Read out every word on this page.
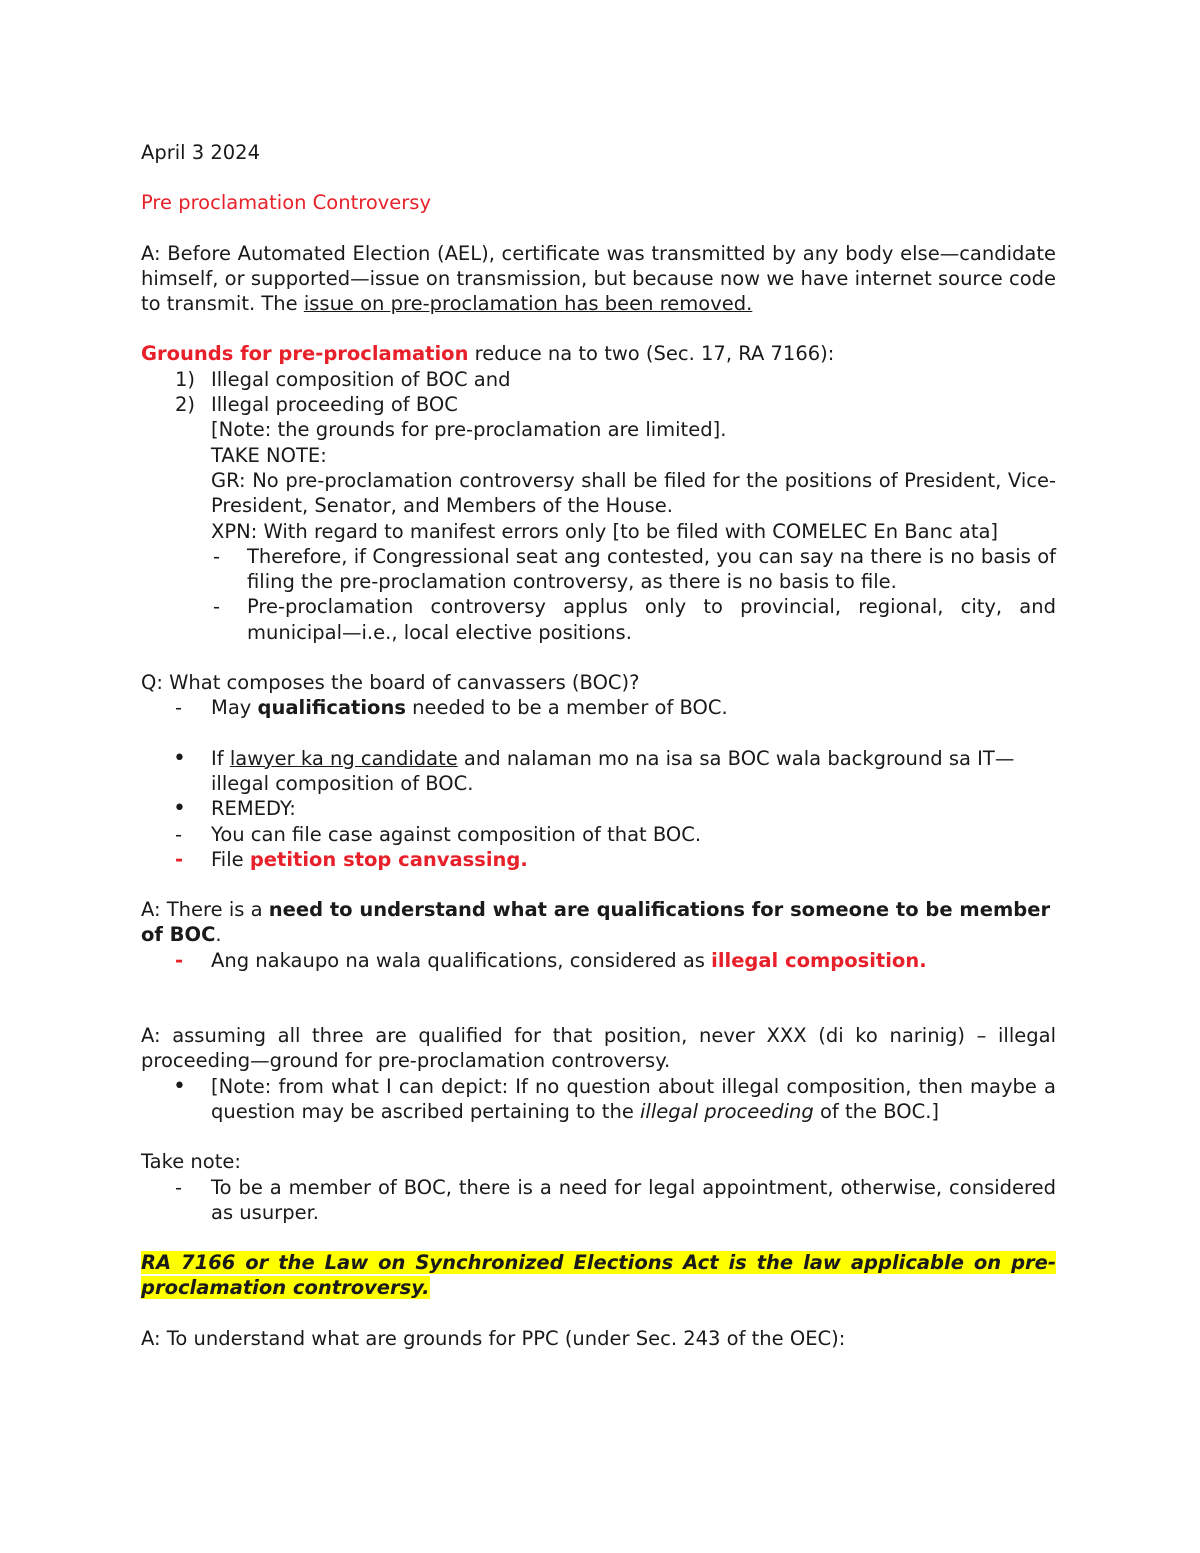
April 3 2024

Pre proclamation Controversy

A: Before Automated Election (AEL), certificate was transmitted by any body else—candidate himself, or supported—issue on transmission, but because now we have internet source code to transmit. The issue on pre-proclamation has been removed.

Grounds for pre-proclamation reduce na to two (Sec. 17, RA 7166):

1) Illegal composition of BOC and
2) Illegal proceeding of BOC

[Note: the grounds for pre-proclamation are limited].

TAKE NOTE:

GR: No pre-proclamation controversy shall be filed for the positions of President, Vice-President, Senator, and Members of the House.

XPN: With regard to manifest errors only [to be filed with COMELEC En Banc ata]

- Therefore, if Congressional seat ang contested, you can say na there is no basis of filing the pre-proclamation controversy, as there is no basis to file.
- Pre-proclamation controversy applus only to provincial, regional, city, and municipal—i.e., local elective positions.

Q: What composes the board of canvassers (BOC)?

- May qualifications needed to be a member of BOC.
• If lawyer ka ng candidate and nalaman mo na isa sa BOC wala background sa IT—illegal composition of BOC.
• REMEDY:
- You can file case against composition of that BOC.
- File petition stop canvassing.

A: There is a need to understand what are qualifications for someone to be member of BOC.

- Ang nakaupo na wala qualifications, considered as illegal composition.

A: assuming all three are qualified for that position, never XXX (di ko narinig) – illegal proceeding—ground for pre-proclamation controversy.

• [Note: from what I can depict: If no question about illegal composition, then maybe a question may be ascribed pertaining to the illegal proceeding of the BOC.]

Take note:

- To be a member of BOC, there is a need for legal appointment, otherwise, considered as usurper.

RA 7166 or the Law on Synchronized Elections Act is the law applicable on pre-proclamation controversy.

A: To understand what are grounds for PPC (under Sec. 243 of the OEC):
